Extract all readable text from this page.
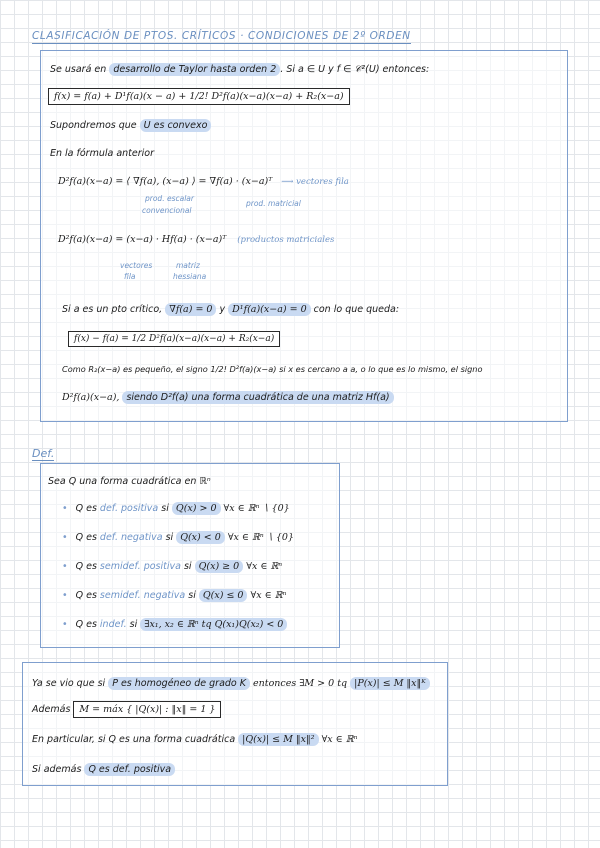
CLASIFICACIÓN DE PTOS. CRÍTICOS · CONDICIONES DE 2º ORDEN
Se usará en desarrollo de Taylor hasta orden 2 . Si a ∈ U y f ∈ 𝒞²(U) entonces:
f(x) = f(a) + D¹f(a)(x − a) + 1/2! D²f(a)(x−a)(x−a) + R₂(x−a)
Supondremos que U es convexo
En la fórmula anterior
D²f(a)(x−a) = ⟨ ∇f(a), (x−a) ⟩ = ∇f(a) · (x−a)ᵀ ⟶ vectores fila
prod. escalar
convencional
prod. matricial
D²f(a)(x−a) = (x−a) · Hf(a) · (x−a)ᵀ (productos matriciales
vectores
fila
matriz
hessiana
Si a es un pto crítico, ∇f(a) = 0 y D¹f(a)(x−a) = 0 con lo que queda:
f(x) − f(a) = 1/2 D²f(a)(x−a)(x−a) + R₂(x−a)
Como R₂(x−a) es pequeño, el signo 1/2! D²f(a)(x−a) si x es cercano a a, o lo que es lo mismo, el signo
D²f(a)(x−a), siendo D²f(a) una forma cuadrática de una matriz Hf(a)
Def.
Sea Q una forma cuadrática en ℝⁿ
• Q es def. positiva si Q(x) > 0 ∀x ∈ ℝⁿ ∖ {0}
• Q es def. negativa si Q(x) < 0 ∀x ∈ ℝⁿ ∖ {0}
• Q es semidef. positiva si Q(x) ≥ 0 ∀x ∈ ℝⁿ
• Q es semidef. negativa si Q(x) ≤ 0 ∀x ∈ ℝⁿ
• Q es indef. si ∃x₁, x₂ ∈ ℝⁿ tq Q(x₁)Q(x₂) < 0
Ya se vio que si P es homogéneo de grado K entonces ∃M > 0 tq |P(x)| ≤ M ‖x‖ᴷ
Además M = máx { |Q(x)| : ‖x‖ = 1 }
En particular, si Q es una forma cuadrática |Q(x)| ≤ M ‖x‖² ∀x ∈ ℝⁿ
Si además Q es def. positiva
